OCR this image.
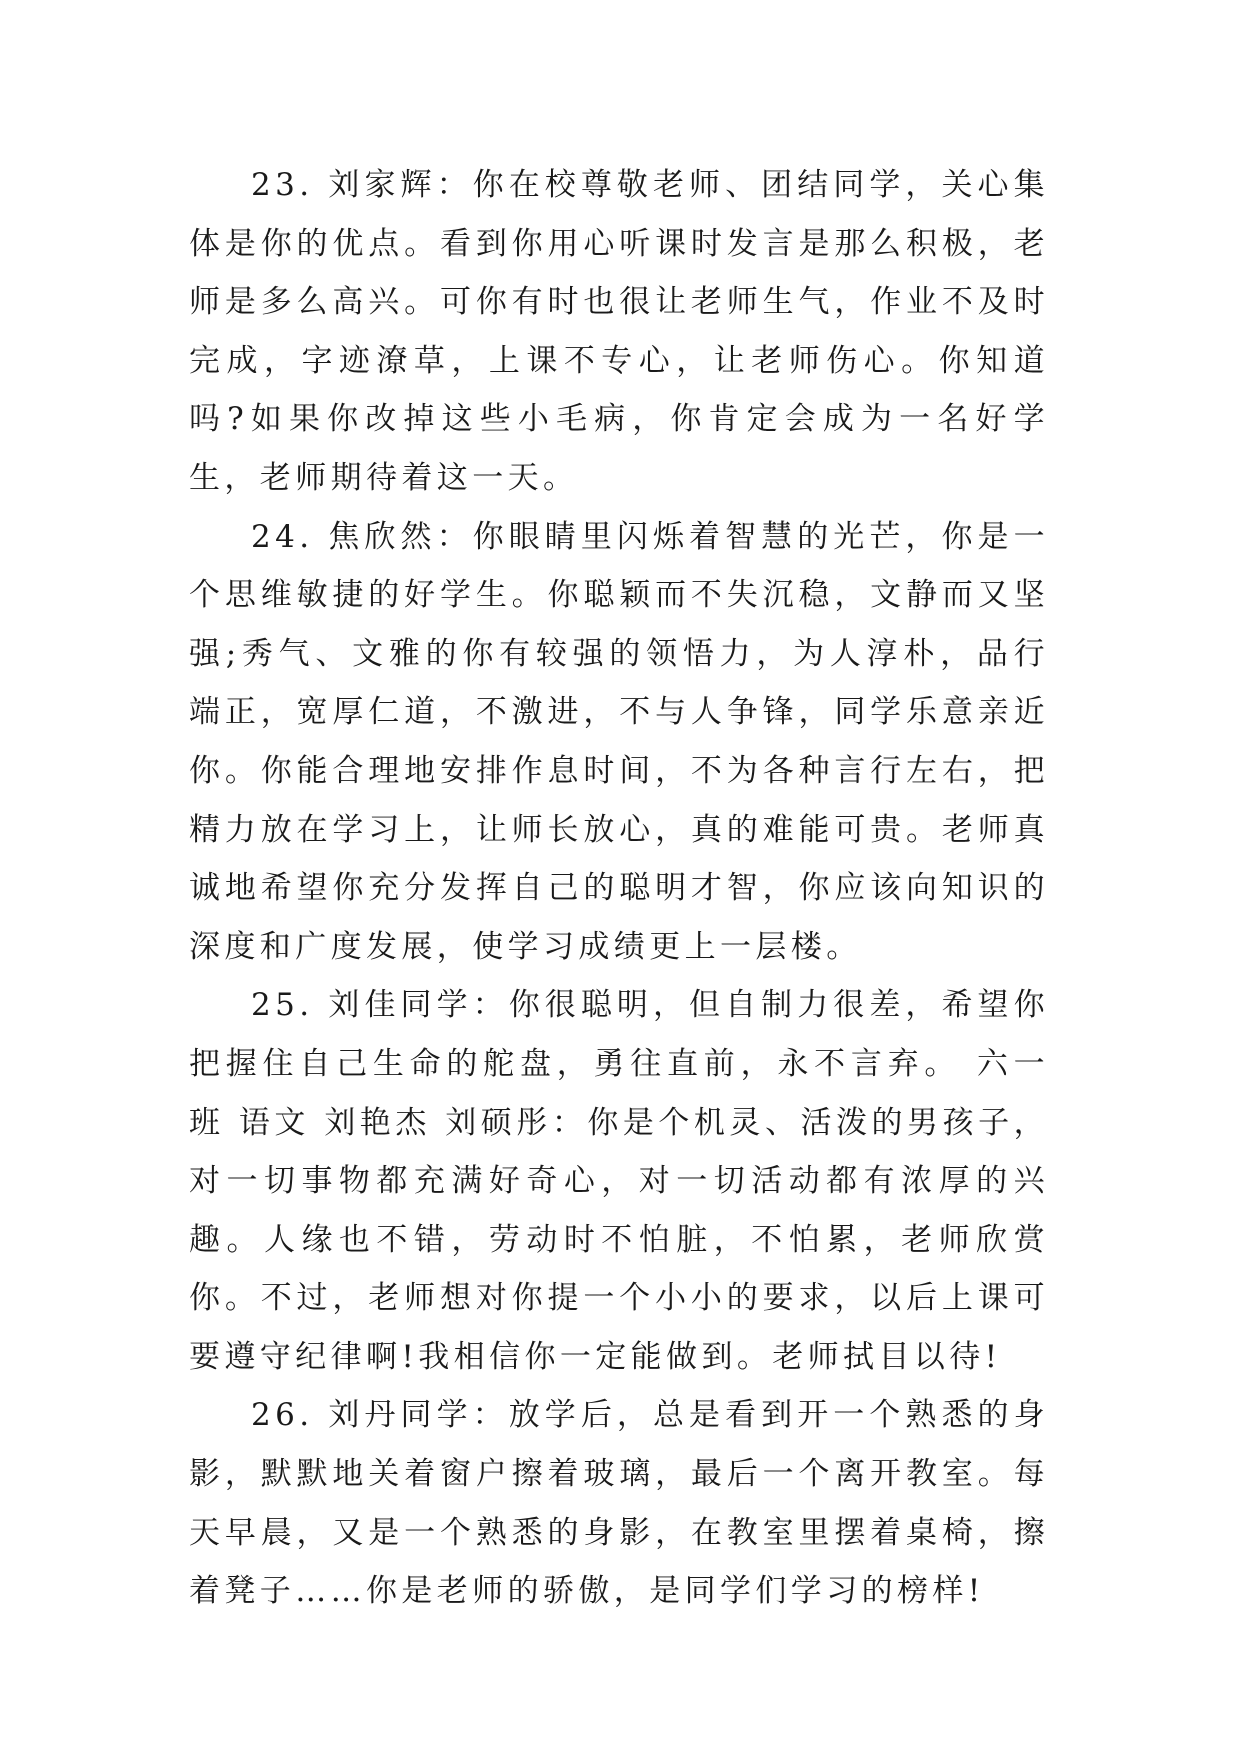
23. 刘家辉：你在校尊敬老师、团结同学，关心集体是你的优点。看到你用心听课时发言是那么积极，老师是多么高兴。可你有时也很让老师生气，作业不及时完成，字迹潦草，上课不专心，让老师伤心。你知道吗?如果你改掉这些小毛病，你肯定会成为一名好学生，老师期待着这一天。

24. 焦欣然：你眼睛里闪烁着智慧的光芒，你是一个思维敏捷的好学生。你聪颖而不失沉稳，文静而又坚强;秀气、文雅的你有较强的领悟力，为人淳朴，品行端正，宽厚仁道，不激进，不与人争锋，同学乐意亲近你。你能合理地安排作息时间，不为各种言行左右，把精力放在学习上，让师长放心，真的难能可贵。老师真诚地希望你充分发挥自己的聪明才智，你应该向知识的深度和广度发展，使学习成绩更上一层楼。

25. 刘佳同学：你很聪明，但自制力很差，希望你把握住自己生命的舵盘，勇往直前，永不言弃。 六一班 语文 刘艳杰 刘硕彤：你是个机灵、活泼的男孩子，对一切事物都充满好奇心，对一切活动都有浓厚的兴趣。人缘也不错，劳动时不怕脏，不怕累，老师欣赏你。不过，老师想对你提一个小小的要求，以后上课可要遵守纪律啊!我相信你一定能做到。老师拭目以待!

26. 刘丹同学：放学后，总是看到开一个熟悉的身影，默默地关着窗户擦着玻璃，最后一个离开教室。每天早晨，又是一个熟悉的身影，在教室里摆着桌椅，擦着凳子……你是老师的骄傲，是同学们学习的榜样!
